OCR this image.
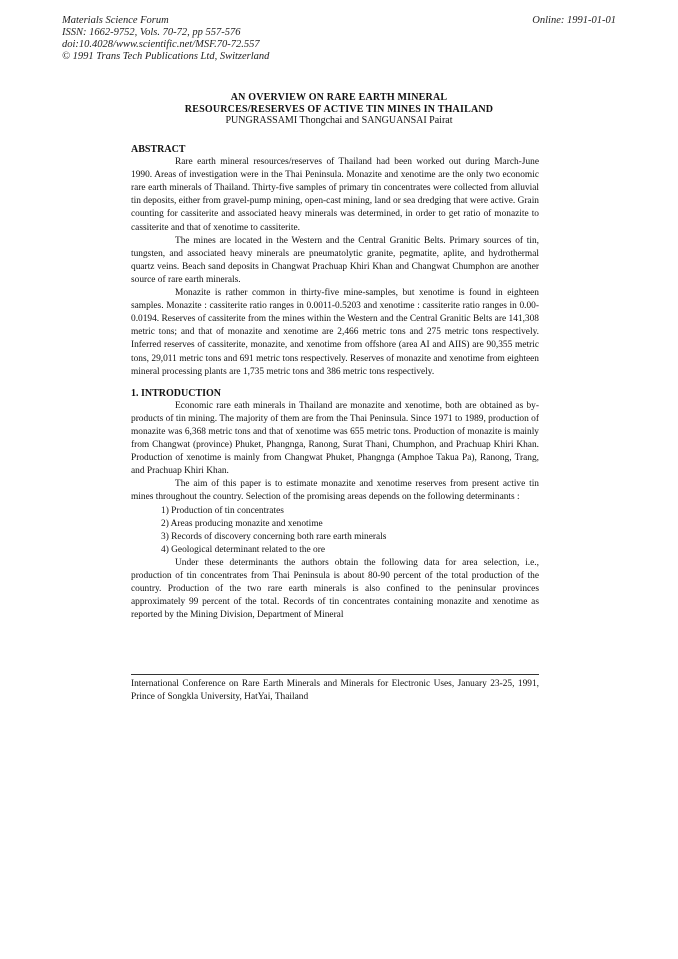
Materials Science Forum
ISSN: 1662-9752, Vols. 70-72, pp 557-576
doi:10.4028/www.scientific.net/MSF.70-72.557
© 1991 Trans Tech Publications Ltd, Switzerland
Online: 1991-01-01
AN OVERVIEW ON RARE EARTH MINERAL
RESOURCES/RESERVES OF ACTIVE TIN MINES IN THAILAND
PUNGRASSAMI Thongchai and SANGUANSAI Pairat
ABSTRACT

Rare earth mineral resources/reserves of Thailand had been worked out during March-June 1990. Areas of investigation were in the Thai Peninsula. Monazite and xenotime are the only two economic rare earth minerals of Thailand. Thirty-five samples of primary tin concentrates were collected from alluvial tin deposits, either from gravel-pump mining, open-cast mining, land or sea dredging that were active. Grain counting for cassiterite and associated heavy minerals was determined, in order to get ratio of monazite to cassiterite and that of xenotime to cassiterite.

The mines are located in the Western and the Central Granitic Belts. Primary sources of tin, tungsten, and associated heavy minerals are pneumatolytic granite, pegmatite, aplite, and hydrothermal quartz veins. Beach sand deposits in Changwat Prachuap Khiri Khan and Changwat Chumphon are another source of rare earth minerals.

Monazite is rather common in thirty-five mine-samples, but xenotime is found in eighteen samples. Monazite : cassiterite ratio ranges in 0.0011-0.5203 and xenotime : cassiterite ratio ranges in 0.00-0.0194. Reserves of cassiterite from the mines within the Western and the Central Granitic Belts are 141,308 metric tons; and that of monazite and xenotime are 2,466 metric tons and 275 metric tons respectively. Inferred reserves of cassiterite, monazite, and xenotime from offshore (area AI and AIIS) are 90,355 metric tons, 29,011 metric tons and 691 metric tons respectively. Reserves of monazite and xenotime from eighteen mineral processing plants are 1,735 metric tons and 386 metric tons respectively.

1. INTRODUCTION

Economic rare eath minerals in Thailand are monazite and xenotime, both are obtained as by-products of tin mining. The majority of them are from the Thai Peninsula. Since 1971 to 1989, production of monazite was 6,368 metric tons and that of xenotime was 655 metric tons. Production of monazite is mainly from Changwat (province) Phuket, Phangnga, Ranong, Surat Thani, Chumphon, and Prachuap Khiri Khan. Production of xenotime is mainly from Changwat Phuket, Phangnga (Amphoe Takua Pa), Ranong, Trang, and Prachuap Khiri Khan.

The aim of this paper is to estimate monazite and xenotime reserves from present active tin mines throughout the country. Selection of the promising areas depends on the following determinants :

1) Production of tin concentrates
2) Areas producing monazite and xenotime
3) Records of discovery concerning both rare earth minerals
4) Geological determinant related to the ore

Under these determinants the authors obtain the following data for area selection, i.e., production of tin concentrates from Thai Peninsula is about 80-90 percent of the total production of the country. Production of the two rare earth minerals is also confined to the peninsular provinces approximately 99 percent of the total. Records of tin concentrates containing monazite and xenotime as reported by the Mining Division, Department of Mineral

International Conference on Rare Earth Minerals and Minerals for Electronic Uses, January 23-25, 1991, Prince of Songkla University, HatYai, Thailand
